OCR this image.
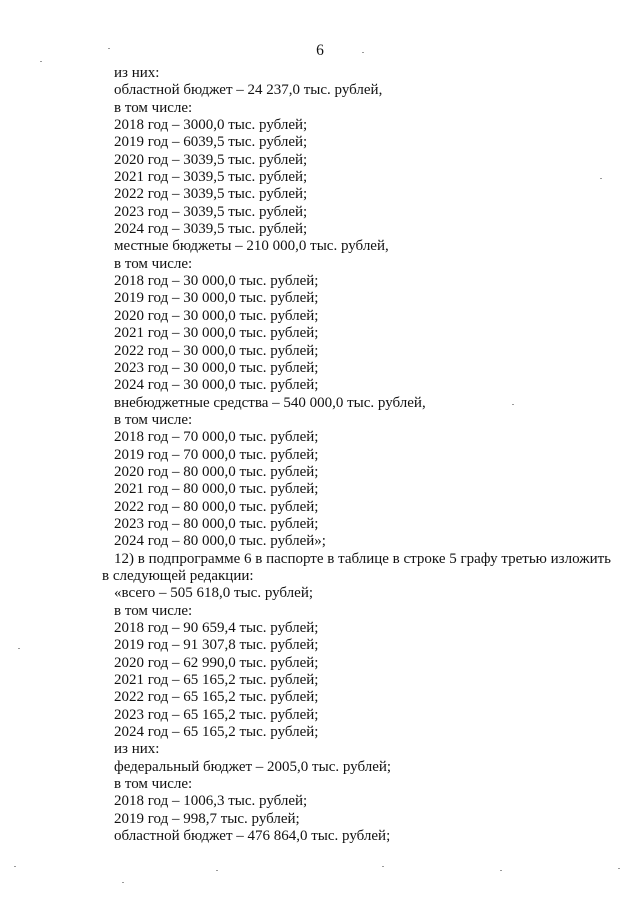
6
из них:
областной бюджет – 24 237,0 тыс. рублей,
в том числе:
2018 год – 3000,0 тыс. рублей;
2019 год – 6039,5 тыс. рублей;
2020 год – 3039,5 тыс. рублей;
2021 год – 3039,5 тыс. рублей;
2022 год – 3039,5 тыс. рублей;
2023 год – 3039,5 тыс. рублей;
2024 год – 3039,5 тыс. рублей;
местные бюджеты – 210 000,0 тыс. рублей,
в том числе:
2018 год – 30 000,0 тыс. рублей;
2019 год – 30 000,0 тыс. рублей;
2020 год – 30 000,0 тыс. рублей;
2021 год – 30 000,0 тыс. рублей;
2022 год – 30 000,0 тыс. рублей;
2023 год – 30 000,0 тыс. рублей;
2024 год – 30 000,0 тыс. рублей;
внебюджетные средства – 540 000,0 тыс. рублей,
в том числе:
2018 год – 70 000,0 тыс. рублей;
2019 год – 70 000,0 тыс. рублей;
2020 год – 80 000,0 тыс. рублей;
2021 год – 80 000,0 тыс. рублей;
2022 год – 80 000,0 тыс. рублей;
2023 год – 80 000,0 тыс. рублей;
2024 год – 80 000,0 тыс. рублей»;
12) в подпрограмме 6 в паспорте в таблице в строке 5 графу третью изложить
в следующей редакции:
«всего – 505 618,0 тыс. рублей;
в том числе:
2018 год – 90 659,4 тыс. рублей;
2019 год – 91 307,8 тыс. рублей;
2020 год – 62 990,0 тыс. рублей;
2021 год – 65 165,2 тыс. рублей;
2022 год – 65 165,2 тыс. рублей;
2023 год – 65 165,2 тыс. рублей;
2024 год – 65 165,2 тыс. рублей;
из них:
федеральный бюджет – 2005,0 тыс. рублей;
в том числе:
2018 год – 1006,3 тыс. рублей;
2019 год – 998,7 тыс. рублей;
областной бюджет – 476 864,0 тыс. рублей;
